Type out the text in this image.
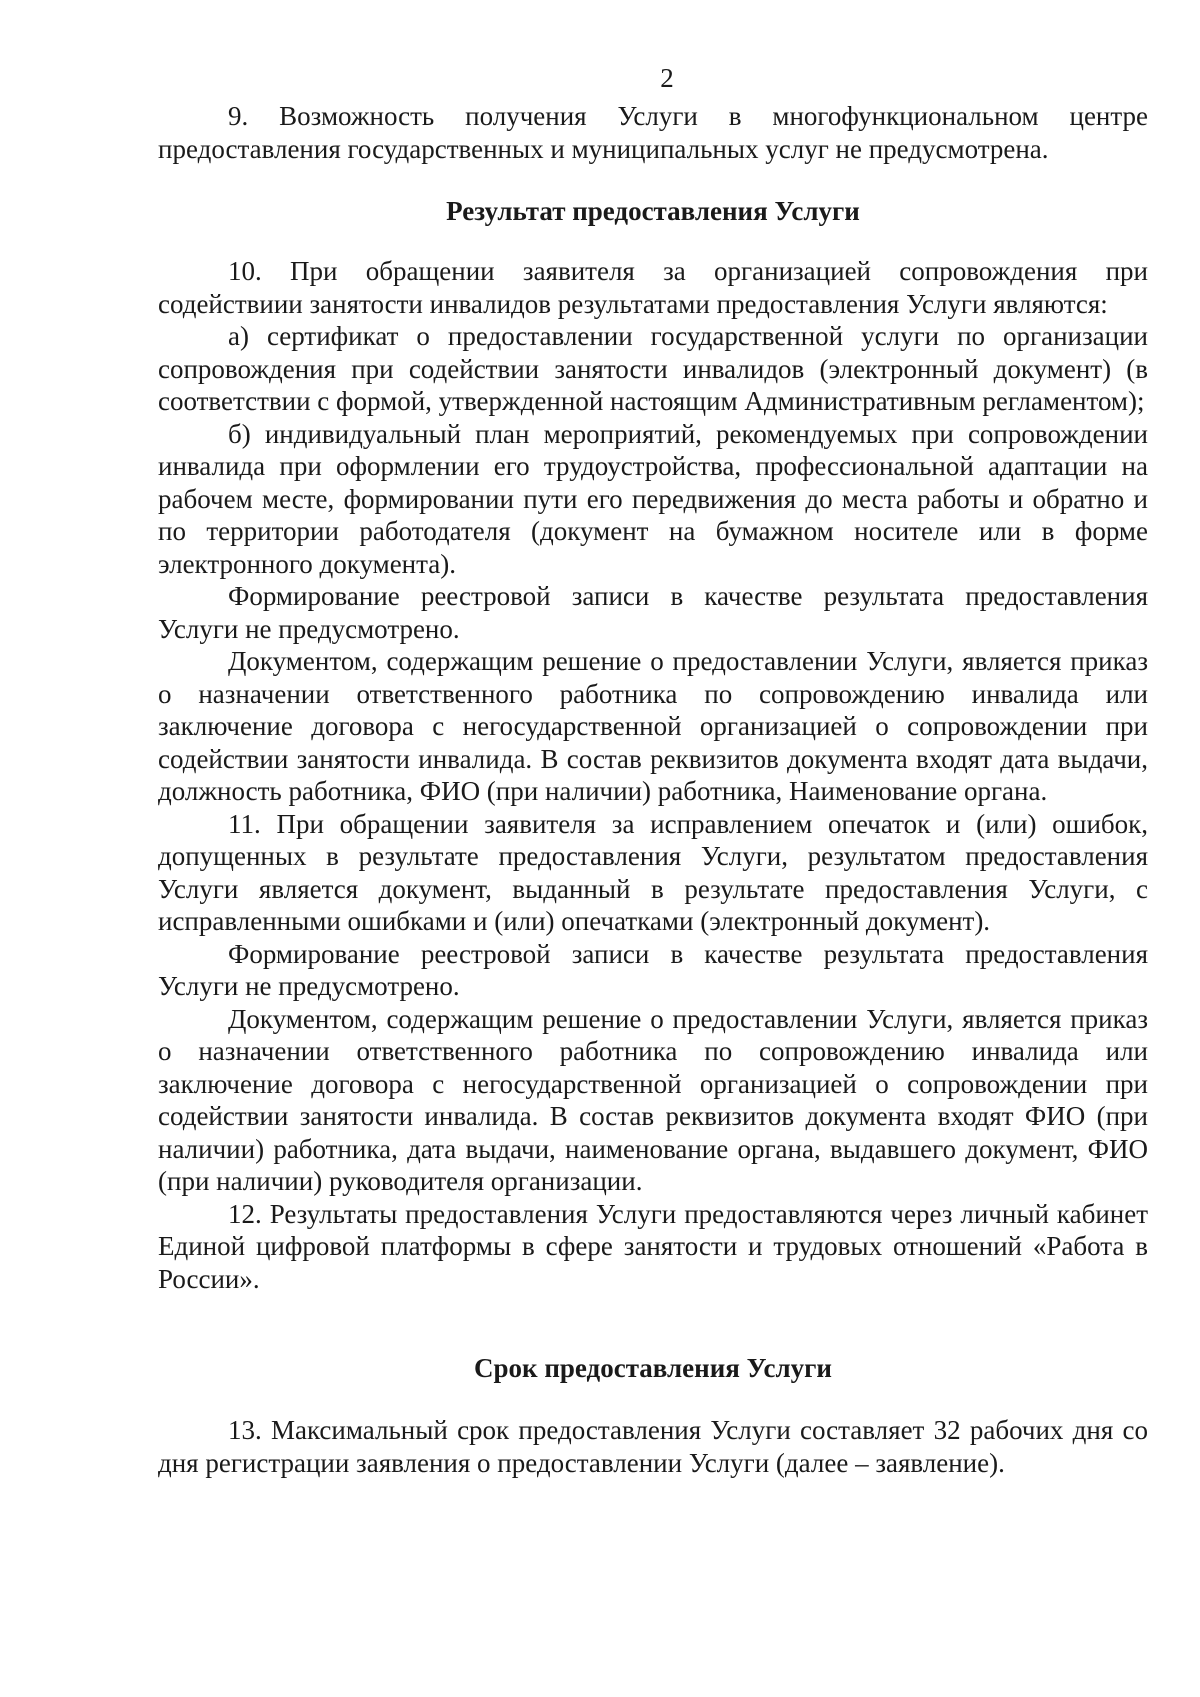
2

9. Возможность получения Услуги в многофункциональном центре предоставления государственных и муниципальных услуг не предусмотрена.

Результат предоставления Услуги

10. При обращении заявителя за организацией сопровождения при содействиии занятости инвалидов результатами предоставления Услуги являются:

а) сертификат о предоставлении государственной услуги по организации сопровождения при содействии занятости инвалидов (электронный документ) (в соответствии с формой, утвержденной настоящим Административным регламентом);

б) индивидуальный план мероприятий, рекомендуемых при сопровождении инвалида при оформлении его трудоустройства, профессиональной адаптации на рабочем месте, формировании пути его передвижения до места работы и обратно и по территории работодателя (документ на бумажном носителе или в форме электронного документа).

Формирование реестровой записи в качестве результата предоставления Услуги не предусмотрено.

Документом, содержащим решение о предоставлении Услуги, является приказ о назначении ответственного работника по сопровождению инвалида или заключение договора с негосударственной организацией о сопровождении при содействии занятости инвалида. В состав реквизитов документа входят дата выдачи, должность работника, ФИО (при наличии) работника, Наименование органа.

11. При обращении заявителя за исправлением опечаток и (или) ошибок, допущенных в результате предоставления Услуги, результатом предоставления Услуги является документ, выданный в результате предоставления Услуги, с исправленными ошибками и (или) опечатками (электронный документ).

Формирование реестровой записи в качестве результата предоставления Услуги не предусмотрено.

Документом, содержащим решение о предоставлении Услуги, является приказ о назначении ответственного работника по сопровождению инвалида или заключение договора с негосударственной организацией о сопровождении при содействии занятости инвалида. В состав реквизитов документа входят ФИО (при наличии) работника, дата выдачи, наименование органа, выдавшего документ, ФИО (при наличии) руководителя организации.

12. Результаты предоставления Услуги предоставляются через личный кабинет Единой цифровой платформы в сфере занятости и трудовых отношений «Работа в России».

Срок предоставления Услуги

13. Максимальный срок предоставления Услуги составляет 32 рабочих дня со дня регистрации заявления о предоставлении Услуги (далее – заявление).
